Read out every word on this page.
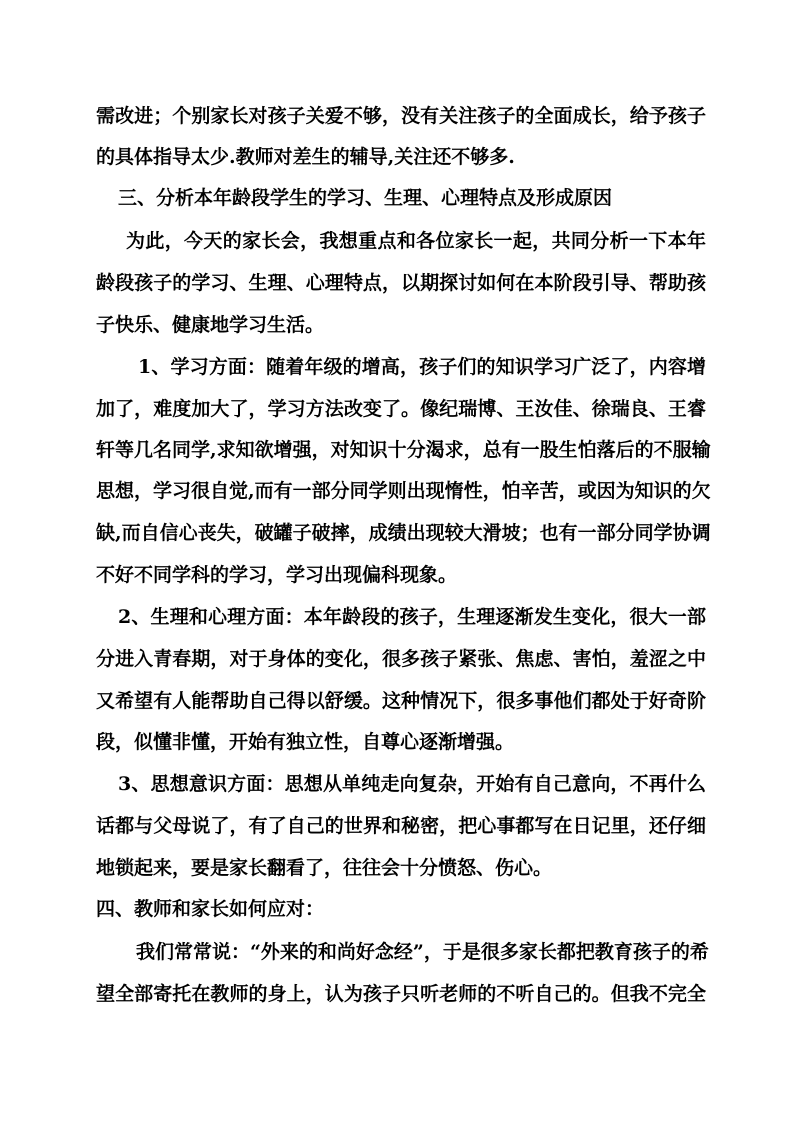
需改进；个别家长对孩子关爱不够，没有关注孩子的全面成长，给予孩子
的具体指导太少.教师对差生的辅导,关注还不够多.
三、分析本年龄段学生的学习、生理、心理特点及形成原因
为此，今天的家长会，我想重点和各位家长一起，共同分析一下本年
龄段孩子的学习、生理、心理特点，以期探讨如何在本阶段引导、帮助孩
子快乐、健康地学习生活。
1、学习方面：随着年级的增高，孩子们的知识学习广泛了，内容增
加了，难度加大了，学习方法改变了。像纪瑞博、王汝佳、徐瑞良、王睿
轩等几名同学,求知欲增强，对知识十分渴求，总有一股生怕落后的不服输
思想，学习很自觉,而有一部分同学则出现惰性，怕辛苦，或因为知识的欠
缺,而自信心丧失，破罐子破摔，成绩出现较大滑坡；也有一部分同学协调
不好不同学科的学习，学习出现偏科现象。
2、生理和心理方面：本年龄段的孩子，生理逐渐发生变化，很大一部
分进入青春期，对于身体的变化，很多孩子紧张、焦虑、害怕，羞涩之中
又希望有人能帮助自己得以舒缓。这种情况下，很多事他们都处于好奇阶
段，似懂非懂，开始有独立性，自尊心逐渐增强。
3、思想意识方面：思想从单纯走向复杂，开始有自己意向，不再什么
话都与父母说了，有了自己的世界和秘密，把心事都写在日记里，还仔细
地锁起来，要是家长翻看了，往往会十分愤怒、伤心。
四、教师和家长如何应对：
我们常常说：“外来的和尚好念经”，于是很多家长都把教育孩子的希
望全部寄托在教师的身上，认为孩子只听老师的不听自己的。但我不完全
